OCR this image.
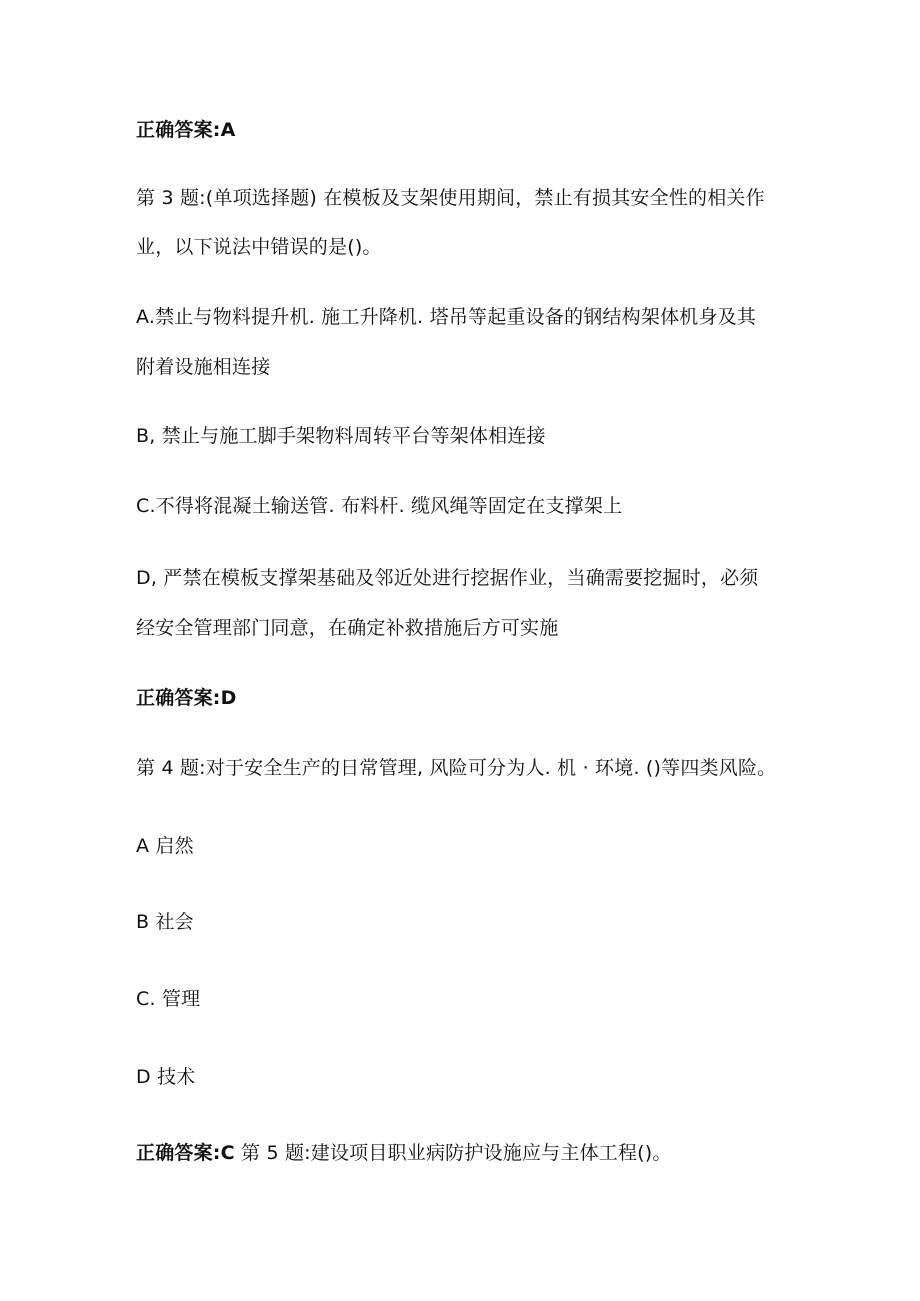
正确答案:A
第 3 题:(单项选择题) 在模板及支架使用期间，禁止有损其安全性的相关作
业，以下说法中错误的是()。
A.禁止与物料提升机. 施工升降机. 塔吊等起重设备的钢结构架体机身及其
附着设施相连接
B, 禁止与施工脚手架物料周转平台等架体相连接
C.不得将混凝土输送管. 布料杆. 缆风绳等固定在支撑架上
D, 严禁在模板支撑架基础及邻近处进行挖据作业，当确需要挖掘时，必须
经安全管理部门同意，在确定补救措施后方可实施
正确答案:D
第 4 题:对于安全生产的日常管理, 风险可分为人. 机 · 环境. ()等四类风险。
A 启然
B 社会
C. 管理
D 技术
正确答案:C 第 5 题:建设项目职业病防护设施应与主体工程()。
